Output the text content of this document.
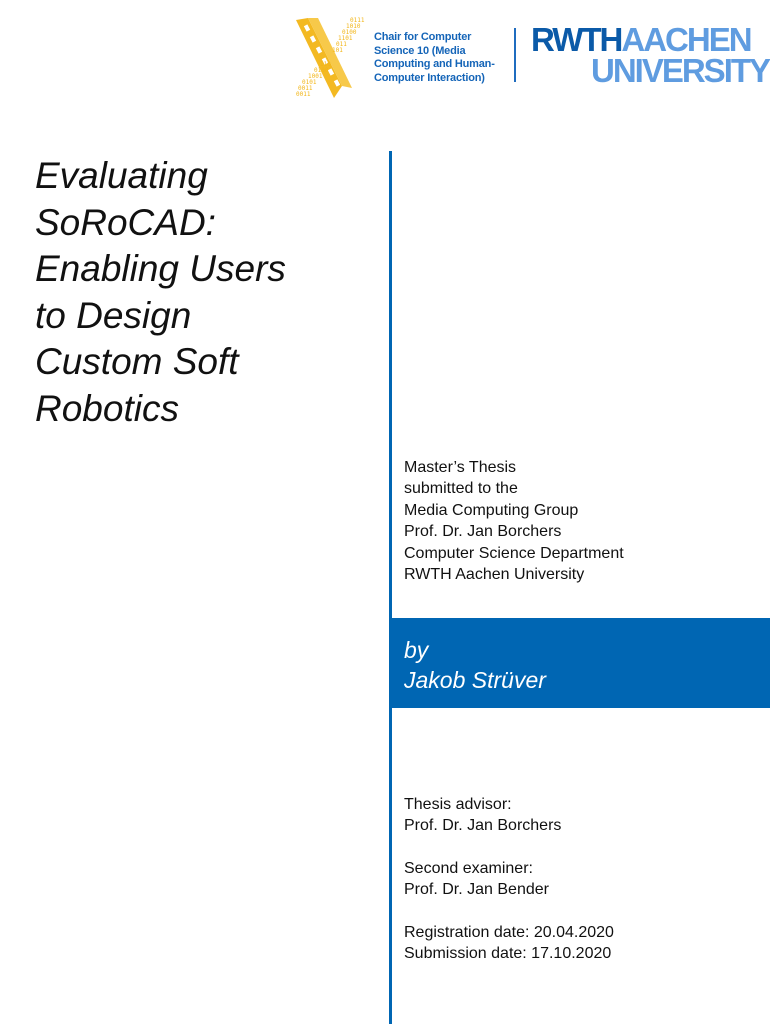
0111
1010
0100
1101
011
101
110
0100
1001
0101
0011
0011
Chair for Computer
Science 10 (Media
Computing and Human-
Computer Interaction)
RWTHAACHEN
UNIVERSITY
Evaluating
SoRoCAD:
Enabling Users
to Design
Custom Soft
Robotics
Master’s Thesis
submitted to the
Media Computing Group
Prof. Dr. Jan Borchers
Computer Science Department
RWTH Aachen University
by
Jakob Strüver
Thesis advisor:
Prof. Dr. Jan Borchers
Second examiner:
Prof. Dr. Jan Bender
Registration date: 20.04.2020
Submission date: 17.10.2020
